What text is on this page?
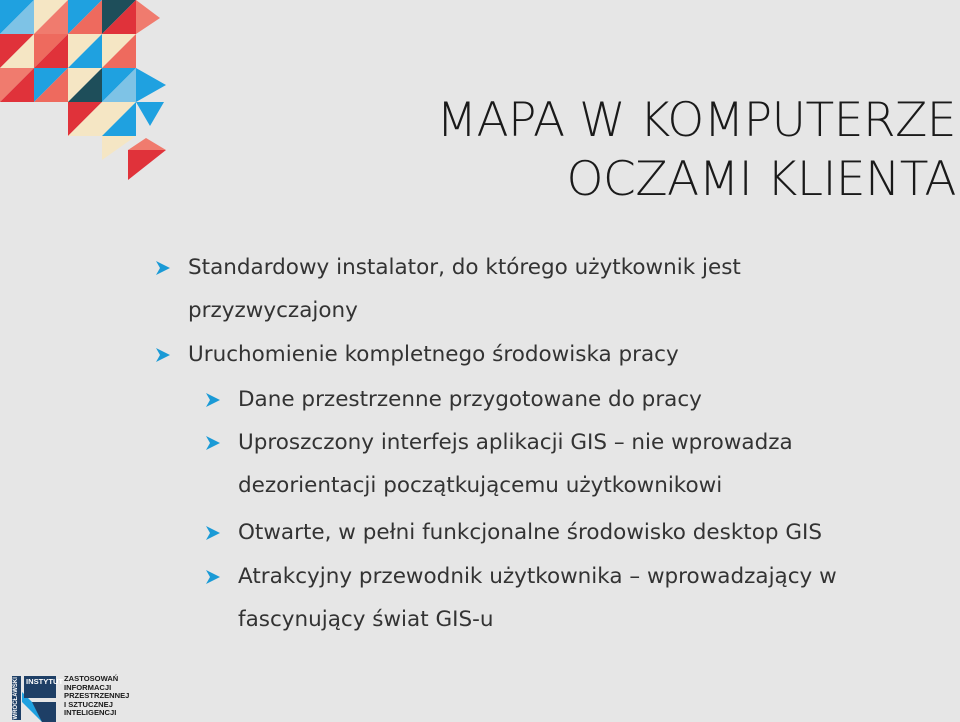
MAPA W KOMPUTERZE
OCZAMI KLIENTA
Standardowy instalator, do którego użytkownik jest
przyzwyczajony
Uruchomienie kompletnego środowiska pracy
Dane przestrzenne przygotowane do pracy
Uproszczony interfejs aplikacji GIS – nie wprowadza
dezorientacji początkującemu użytkownikowi
Otwarte, w pełni funkcjonalne środowisko desktop GIS
Atrakcyjny przewodnik użytkownika – wprowadzający w
fascynujący świat GIS-u
WROCŁAWSKI INSTYTUT ZASTOSOWAŃ
INFORMACJI
PRZESTRZENNEJ
I SZTUCZNEJ
INTELIGENCJI
